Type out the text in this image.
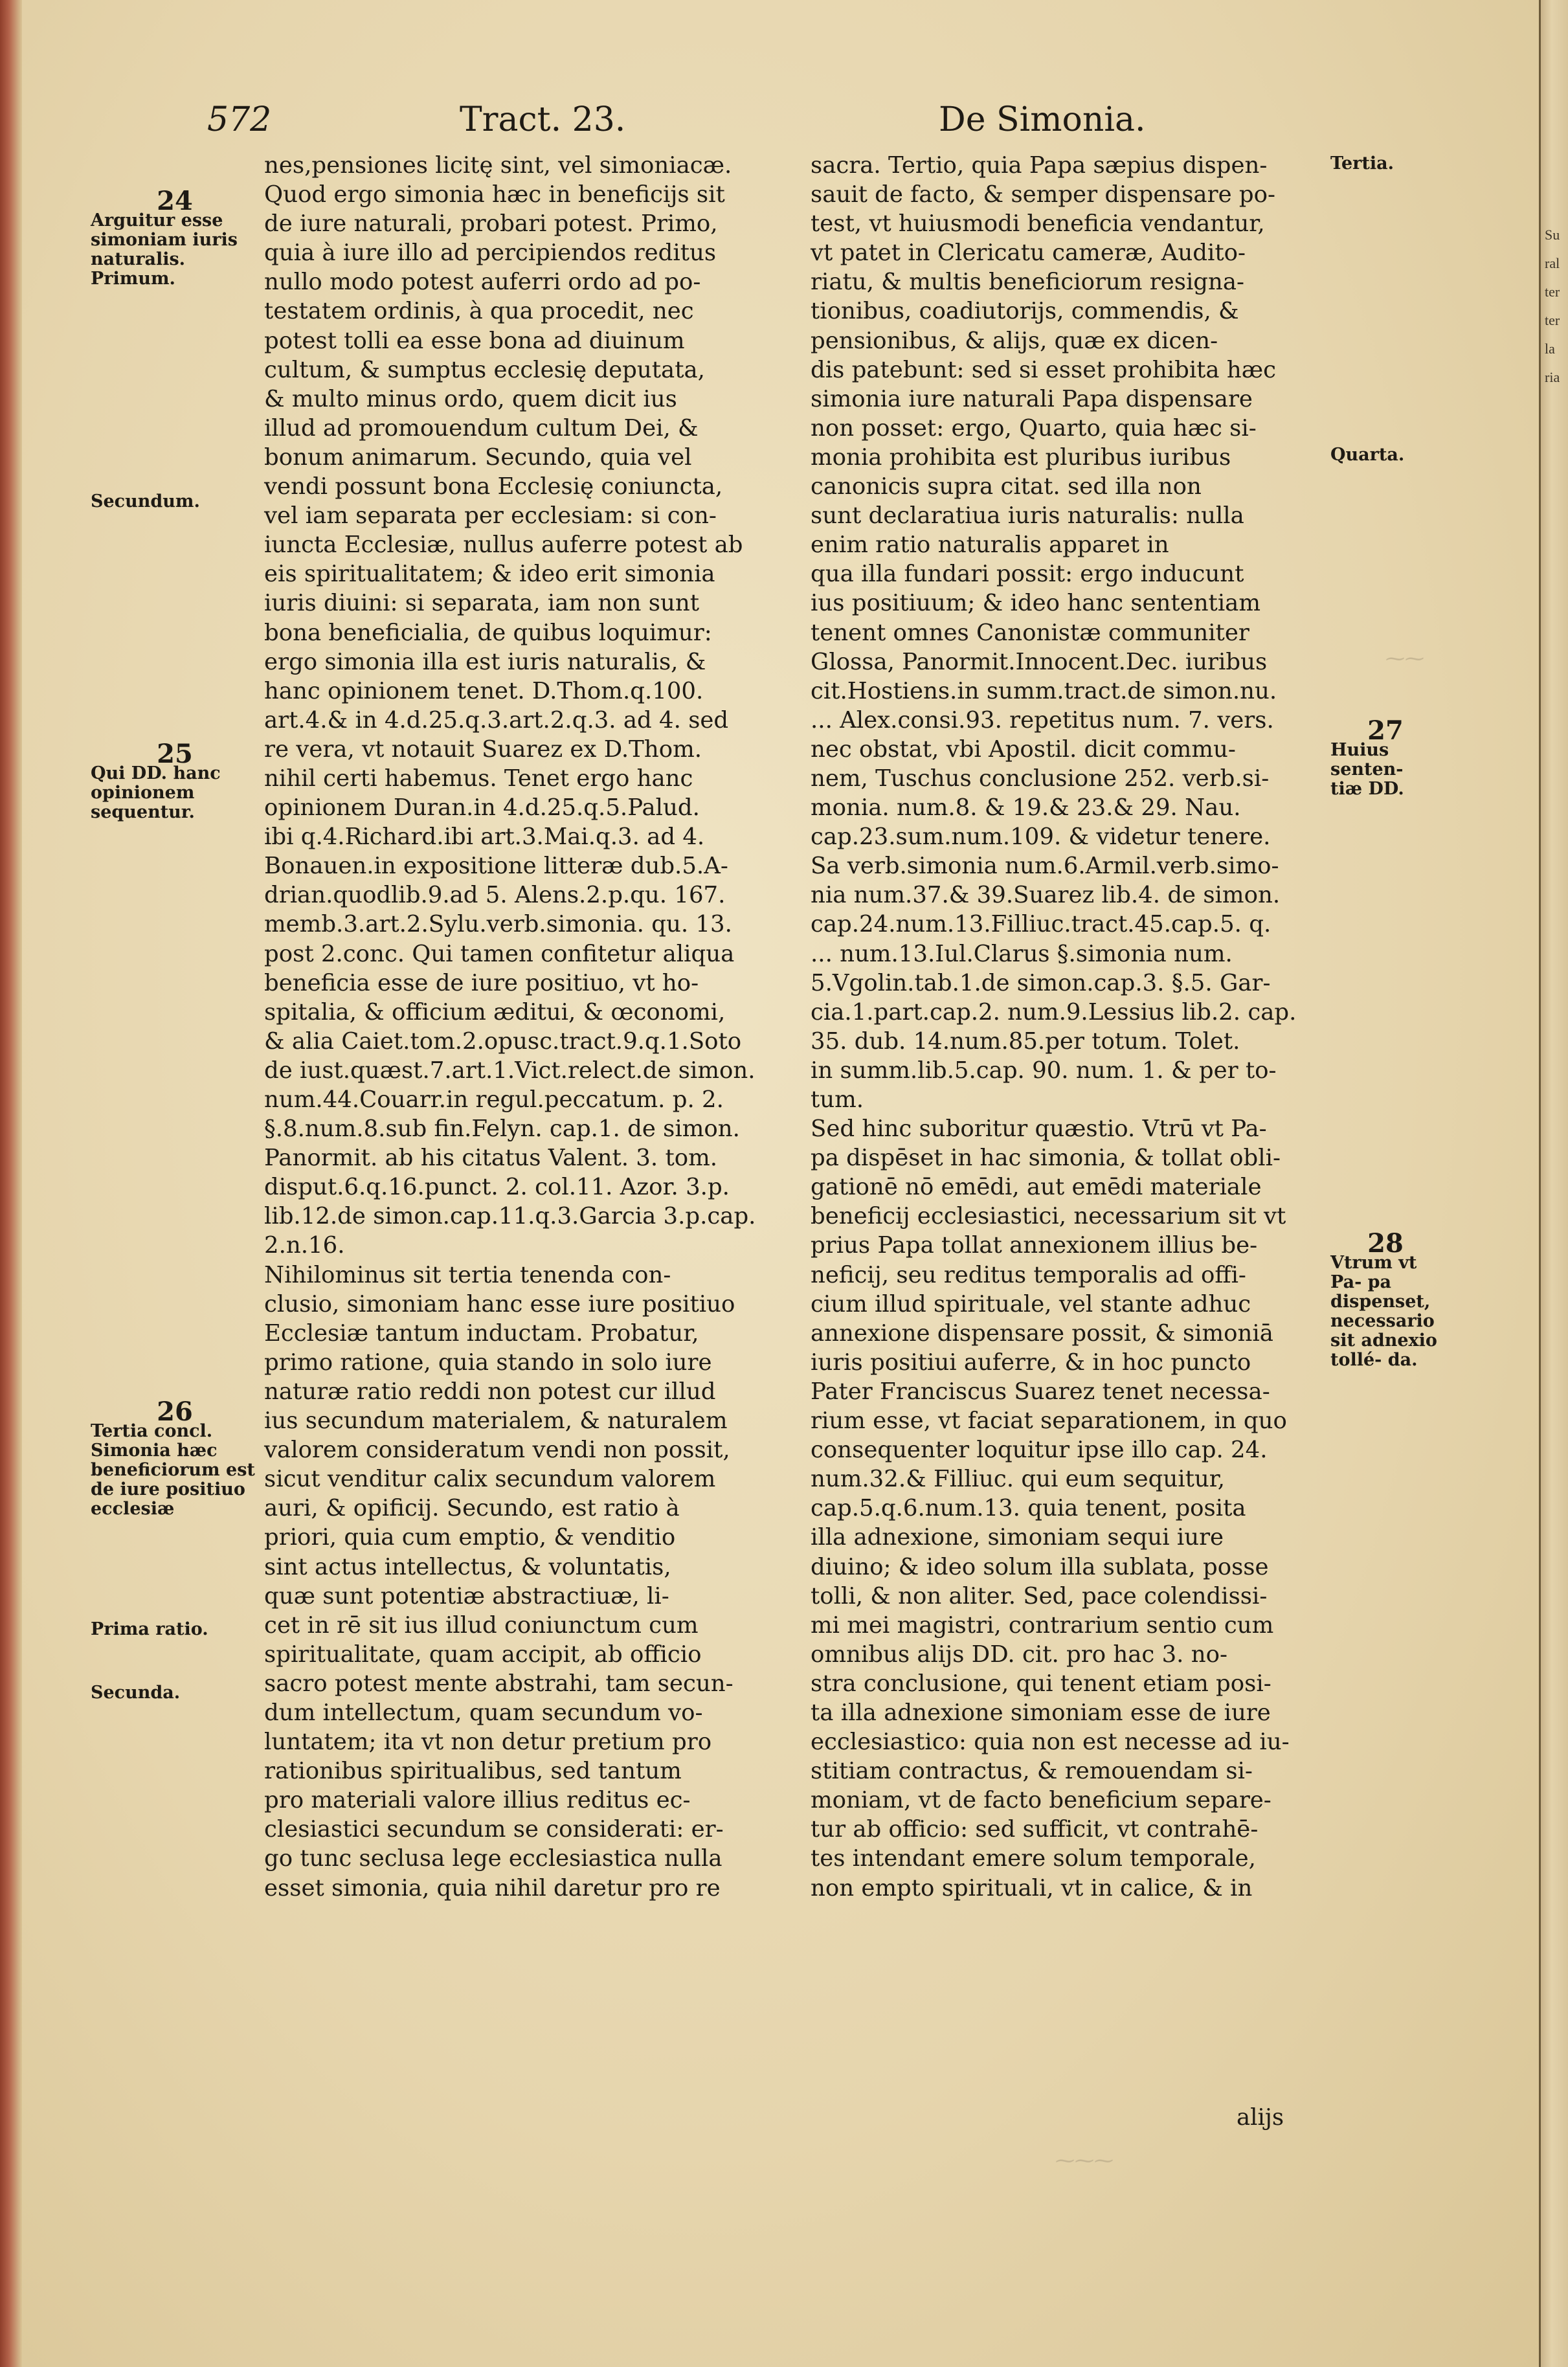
572	Tract. 23.	De Simonia.
24
Arguitur esse simoniam iuris naturalis. Primum.
Secundum.
25
Qui DD. hanc opinionem sequentur.
26
Tertia concl. Simonia hæc beneficiorum est de iure positiuo ecclesiæ
Prima ratio.
Secunda.
Tertia.
Quarta.
27
Huius senten- tiæ DD.
28
Vtrum vt Pa- pa dispenset, necessario sit adnexio tollé- da.
nes,pensiones licitę sint, vel simoniacæ.
Quod ergo simonia hæc in beneficijs sit
de iure naturali, probari potest. Primo,
quia à iure illo ad percipiendos reditus
nullo modo potest auferri ordo ad po-
testatem ordinis, à qua procedit, nec
potest tolli ea esse bona ad diuinum
cultum, & sumptus ecclesię deputata,
& multo minus ordo, quem dicit ius
illud ad promouendum cultum Dei, &
bonum animarum. Secundo, quia vel
vendi possunt bona Ecclesię coniuncta,
vel iam separata per ecclesiam: si con-
iuncta Ecclesiæ, nullus auferre potest ab
eis spiritualitatem; & ideo erit simonia
iuris diuini: si separata, iam non sunt
bona beneficialia, de quibus loquimur:
ergo simonia illa est iuris naturalis, &
hanc opinionem tenet. D.Thom.q.100.
art.4.& in 4.d.25.q.3.art.2.q.3. ad 4. sed
re vera, vt notauit Suarez ex D.Thom.
nihil certi habemus. Tenet ergo hanc
opinionem Duran.in 4.d.25.q.5.Palud.
ibi q.4.Richard.ibi art.3.Mai.q.3. ad 4.
Bonauen.in expositione litteræ dub.5.A-
drian.quodlib.9.ad 5. Alens.2.p.qu. 167.
memb.3.art.2.Sylu.verb.simonia. qu. 13.
post 2.conc. Qui tamen confitetur aliqua
beneficia esse de iure positiuo, vt ho-
spitalia, & officium æditui, & œconomi,
& alia Caiet.tom.2.opusc.tract.9.q.1.Soto
de iust.quæst.7.art.1.Vict.relect.de simon.
num.44.Couarr.in regul.peccatum. p. 2.
§.8.num.8.sub fin.Felyn. cap.1. de simon.
Panormit. ab his citatus Valent. 3. tom.
disput.6.q.16.punct. 2. col.11. Azor. 3.p.
lib.12.de simon.cap.11.q.3.Garcia 3.p.cap.
2.n.16.
Nihilominus sit tertia tenenda con-
clusio, simoniam hanc esse iure positiuo
Ecclesiæ tantum inductam. Probatur,
primo ratione, quia stando in solo iure
naturæ ratio reddi non potest cur illud
ius secundum materialem, & naturalem
valorem consideratum vendi non possit,
sicut venditur calix secundum valorem
auri, & opificij. Secundo, est ratio à
priori, quia cum emptio, & venditio
sint actus intellectus, & voluntatis,
quæ sunt potentiæ abstractiuæ, li-
cet in rē sit ius illud coniunctum cum
spiritualitate, quam accipit, ab officio
sacro potest mente abstrahi, tam secun-
dum intellectum, quam secundum vo-
luntatem; ita vt non detur pretium pro
rationibus spiritualibus, sed tantum
pro materiali valore illius reditus ec-
clesiastici secundum se considerati: er-
go tunc seclusa lege ecclesiastica nulla
esset simonia, quia nihil daretur pro re
sacra. Tertio, quia Papa sæpius dispen-
sauit de facto, & semper dispensare po-
test, vt huiusmodi beneficia vendantur,
vt patet in Clericatu cameræ, Audito-
riatu, & multis beneficiorum resigna-
tionibus, coadiutorijs, commendis, &
pensionibus, & alijs, quæ ex dicen-
dis patebunt: sed si esset prohibita hæc
simonia iure naturali Papa dispensare
non posset: ergo, Quarto, quia hæc si-
monia prohibita est pluribus iuribus
canonicis supra citat. sed illa non
sunt declaratiua iuris naturalis: nulla
enim ratio naturalis apparet in
qua illa fundari possit: ergo inducunt
ius positiuum; & ideo hanc sententiam
tenent omnes Canonistæ communiter
Glossa, Panormit.Innocent.Dec. iuribus
cit.Hostiens.in summ.tract.de simon.nu.
... Alex.consi.93. repetitus num. 7. vers.
nec obstat, vbi Apostil. dicit commu-
nem, Tuschus conclusione 252. verb.si-
monia. num.8. & 19.& 23.& 29. Nau.
cap.23.sum.num.109. & videtur tenere.
Sa verb.simonia num.6.Armil.verb.simo-
nia num.37.& 39.Suarez lib.4. de simon.
cap.24.num.13.Filliuc.tract.45.cap.5. q.
... num.13.Iul.Clarus §.simonia num.
5.Vgolin.tab.1.de simon.cap.3. §.5. Gar-
cia.1.part.cap.2. num.9.Lessius lib.2. cap.
35. dub. 14.num.85.per totum. Tolet.
in summ.lib.5.cap. 90. num. 1. & per to-
tum.
Sed hinc suboritur quæstio. Vtrū vt Pa-
pa dispēset in hac simonia, & tollat obli-
gationē nō emēdi, aut emēdi materiale
beneficij ecclesiastici, necessarium sit vt
prius Papa tollat annexionem illius be-
neficij, seu reditus temporalis ad offi-
cium illud spirituale, vel stante adhuc
annexione dispensare possit, & simoniā
iuris positiui auferre, & in hoc puncto
Pater Franciscus Suarez tenet necessa-
rium esse, vt faciat separationem, in quo
consequenter loquitur ipse illo cap. 24.
num.32.& Filliuc. qui eum sequitur,
cap.5.q.6.num.13. quia tenent, posita
illa adnexione, simoniam sequi iure
diuino; & ideo solum illa sublata, posse
tolli, & non aliter. Sed, pace colendissi-
mi mei magistri, contrarium sentio cum
omnibus alijs DD. cit. pro hac 3. no-
stra conclusione, qui tenent etiam posi-
ta illa adnexione simoniam esse de iure
ecclesiastico: quia non est necesse ad iu-
stitiam contractus, & remouendam si-
moniam, vt de facto beneficium separe-
tur ab officio: sed sufficit, vt contrahē-
tes intendant emere solum temporale,
non empto spirituali, vt in calice, & in
alijs
⁓⁓
⁓⁓⁓
Su
ral
ter
ter
la
ria
